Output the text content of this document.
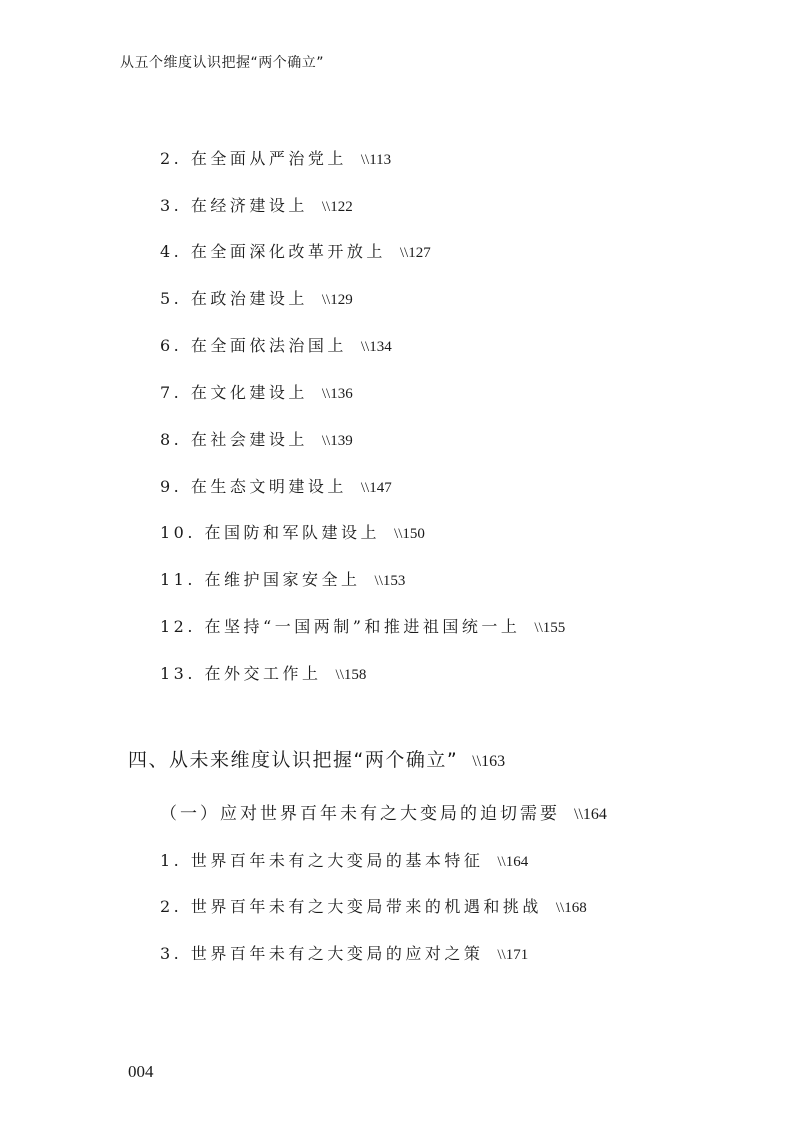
从五个维度认识把握“两个确立”
2. 在全面从严治党上 \\113
3. 在经济建设上 \\122
4. 在全面深化改革开放上 \\127
5. 在政治建设上 \\129
6. 在全面依法治国上 \\134
7. 在文化建设上 \\136
8. 在社会建设上 \\139
9. 在生态文明建设上 \\147
10. 在国防和军队建设上 \\150
11. 在维护国家安全上 \\153
12. 在坚持“一国两制”和推进祖国统一上 \\155
13. 在外交工作上 \\158
四、从未来维度认识把握“两个确立” \\163
（一）应对世界百年未有之大变局的迫切需要 \\164
1. 世界百年未有之大变局的基本特征 \\164
2. 世界百年未有之大变局带来的机遇和挑战 \\168
3. 世界百年未有之大变局的应对之策 \\171
004
